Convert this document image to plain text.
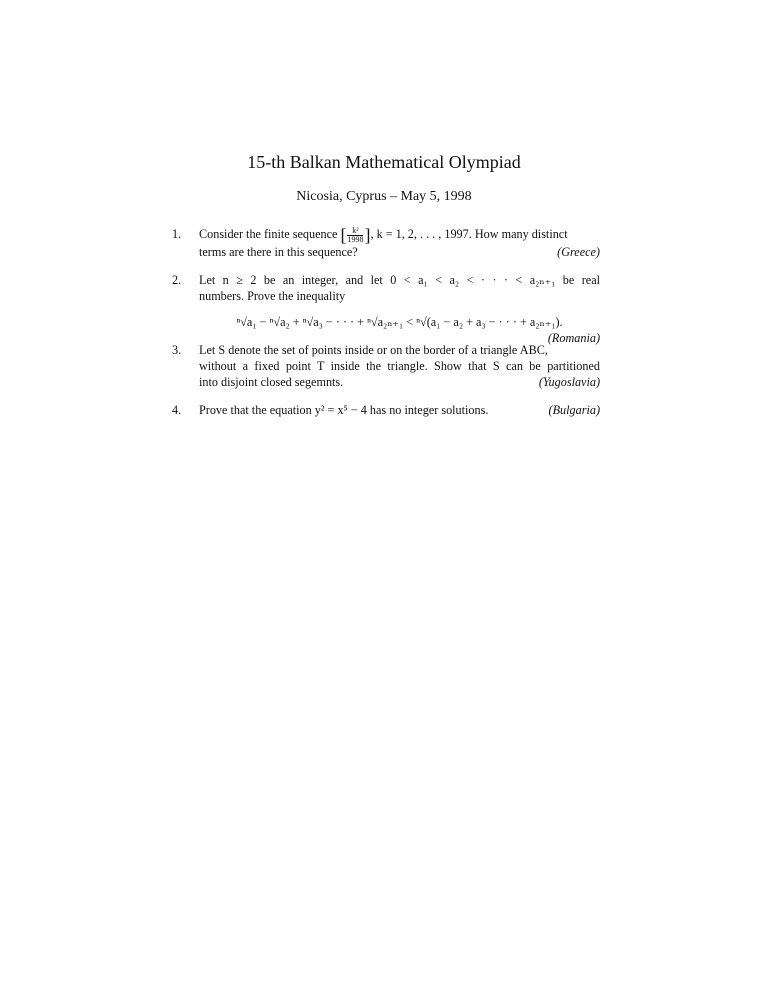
15-th Balkan Mathematical Olympiad
Nicosia, Cyprus – May 5, 1998
1. Consider the finite sequence [ $\frac{\text{k²}}{1998}$ ], k = 1, 2, . . . , 1997. How many distinct
terms are there in this sequence?	(Greece)
2. Let n ≥ 2 be an integer, and let 0 < a₁ < a₂ < · · · < a₂ₙ₊₁ be real
numbers. Prove the inequality
ⁿ√a₁ − ⁿ√a₂ + ⁿ√a₃ − · · · + ⁿ√a₂ₙ₊₁ < ⁿ√(a₁ − a₂ + a₃ − · · · + a₂ₙ₊₁).
(Romania)
3. Let S denote the set of points inside or on the border of a triangle ABC,
without a fixed point T inside the triangle. Show that S can be partitioned
into disjoint closed segemnts.	(Yugoslavia)
4. Prove that the equation y² = x⁵ − 4 has no integer solutions.	(Bulgaria)
